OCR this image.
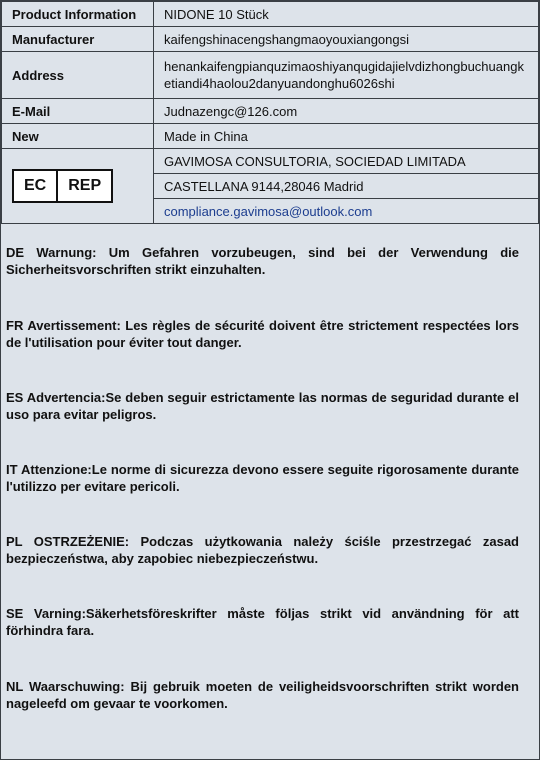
Product Information	NIDONE 10 Stück
Manufacturer	kaifengshinacengshangmaoyouxiangongsi
Address	henankaifengpianquzimaoshiyanqugidajielvdizhongbuchuangketiandi4haolou2danyuandonghu6026shi
E-Mail	Judnazengc@126.com
New	Made in China

EC REP	GAVIMOSA CONSULTORIA, SOCIEDAD LIMITADA
	CASTELLANA 9144,28046 Madrid
	compliance.gavimosa@outlook.com

DE Warnung: Um Gefahren vorzubeugen, sind bei der Verwendung die Sicherheitsvorschriften strikt einzuhalten.

FR Avertissement: Les règles de sécurité doivent être strictement respectées lors de l'utilisation pour éviter tout danger.

ES Advertencia:Se deben seguir estrictamente las normas de seguridad durante el uso para evitar peligros.

IT Attenzione:Le norme di sicurezza devono essere seguite rigorosamente durante l'utilizzo per evitare pericoli.

PL OSTRZEŻENIE: Podczas użytkowania należy ściśle przestrzegać zasad bezpieczeństwa, aby zapobiec niebezpieczeństwu.

SE Varning:Säkerhetsföreskrifter måste följas strikt vid användning för att förhindra fara.

NL Waarschuwing: Bij gebruik moeten de veiligheidsvoorschriften strikt worden nageleefd om gevaar te voorkomen.
